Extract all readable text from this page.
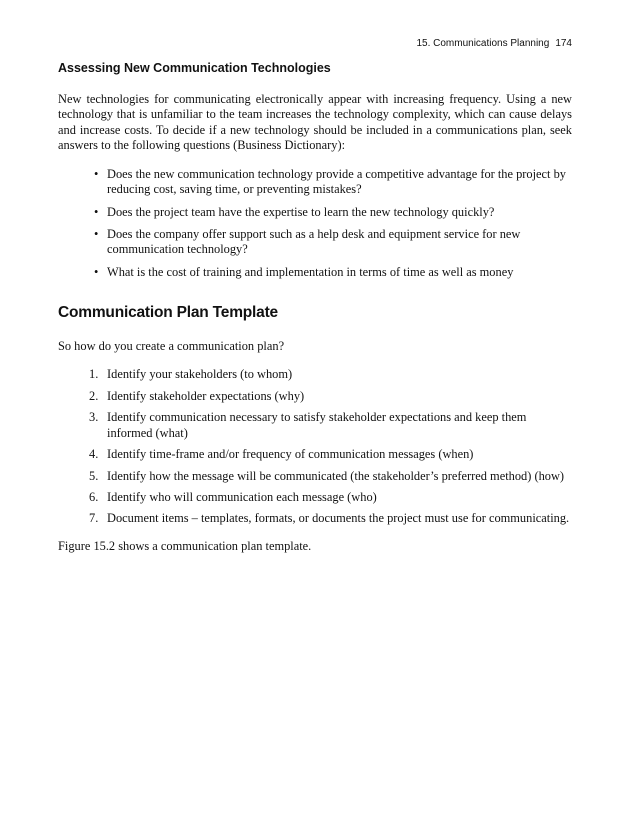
15. Communications Planning 174
Assessing New Communication Technologies

New technologies for communicating electronically appear with increasing frequency. Using a new technology that is unfamiliar to the team increases the technology complexity, which can cause delays and increase costs. To decide if a new technology should be included in a communications plan, seek answers to the following questions (Business Dictionary):

• Does the new communication technology provide a competitive advantage for the project by reducing cost, saving time, or preventing mistakes?
• Does the project team have the expertise to learn the new technology quickly?
• Does the company offer support such as a help desk and equipment service for new communication technology?
• What is the cost of training and implementation in terms of time as well as money
Communication Plan Template

So how do you create a communication plan?

1. Identify your stakeholders (to whom)
2. Identify stakeholder expectations (why)
3. Identify communication necessary to satisfy stakeholder expectations and keep them informed (what)
4. Identify time-frame and/or frequency of communication messages (when)
5. Identify how the message will be communicated (the stakeholder’s preferred method) (how)
6. Identify who will communication each message (who)
7. Document items – templates, formats, or documents the project must use for communicating.

Figure 15.2 shows a communication plan template.
